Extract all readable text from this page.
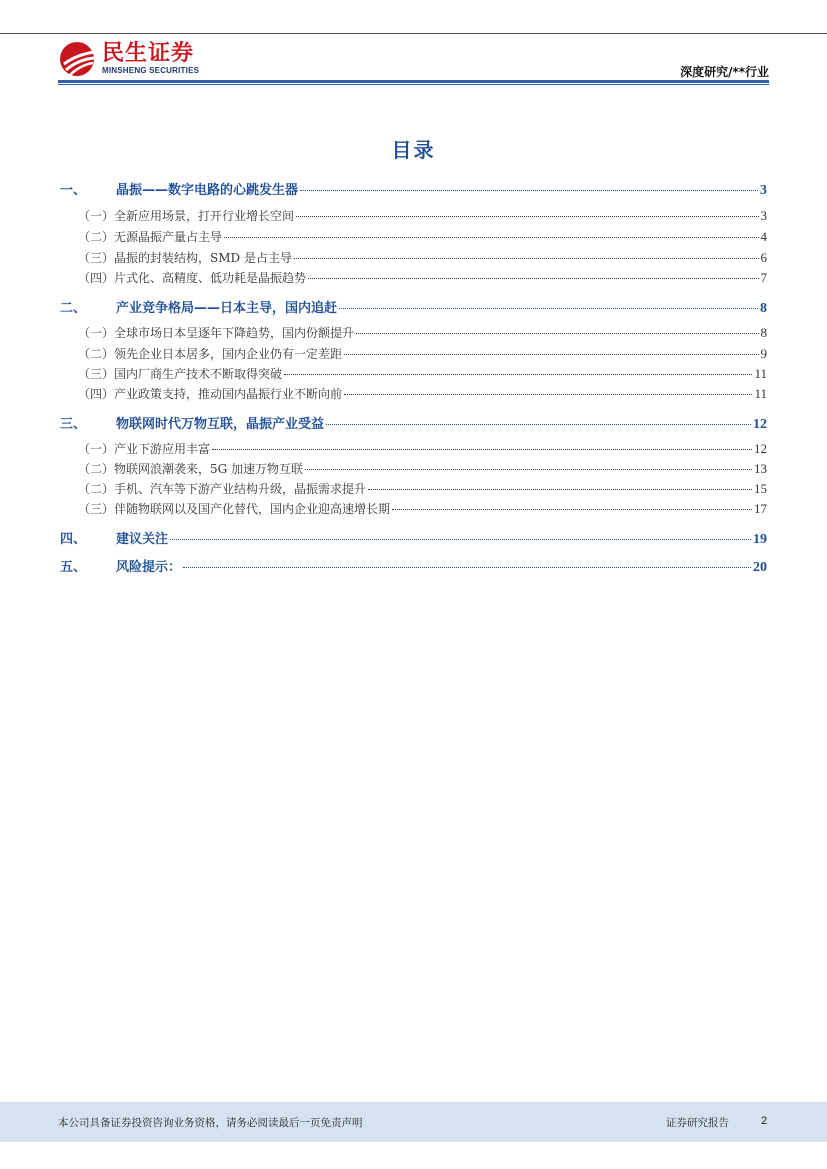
民生证券
MINSHENG SECURITIES	深度研究/**行业
目录
一、	晶振——数字电路的心跳发生器	3
（一）全新应用场景，打开行业增长空间	3
（二）无源晶振产量占主导	4
（三）晶振的封装结构，SMD 是占主导	6
（四）片式化、高精度、低功耗是晶振趋势	7
二、	产业竞争格局——日本主导，国内追赶	8
（一）全球市场日本呈逐年下降趋势，国内份额提升	8
（二）领先企业日本居多，国内企业仍有一定差距	9
（三）国内厂商生产技术不断取得突破	11
（四）产业政策支持，推动国内晶振行业不断向前	11
三、	物联网时代万物互联，晶振产业受益	12
（一）产业下游应用丰富	12
（二）物联网浪潮袭来，5G 加速万物互联	13
（二）手机、汽车等下游产业结构升级，晶振需求提升	15
（三）伴随物联网以及国产化替代，国内企业迎高速增长期	17
四、	建议关注	19
五、	风险提示：	20
本公司具备证券投资咨询业务资格，请务必阅读最后一页免责声明	证券研究报告	2
